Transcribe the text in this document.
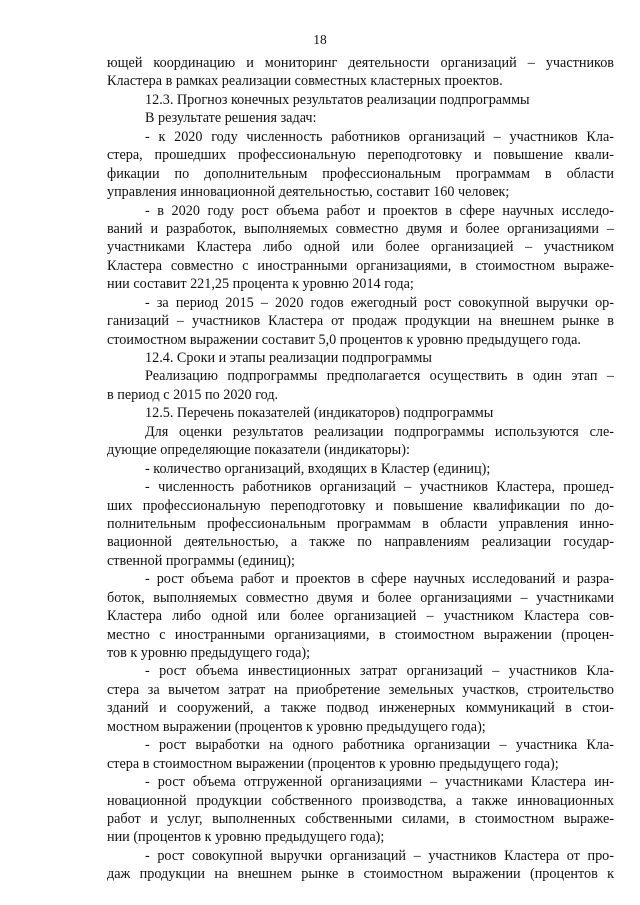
18
ющей координацию и мониторинг деятельности организаций – участников
Кластера в рамках реализации совместных кластерных проектов.
12.3. Прогноз конечных результатов реализации подпрограммы
В результате решения задач:
- к 2020 году численность работников организаций – участников Кла-
стера, прошедших профессиональную переподготовку и повышение квали-
фикации по дополнительным профессиональным программам в области
управления инновационной деятельностью, составит 160 человек;
- в 2020 году рост объема работ и проектов в сфере научных исследо-
ваний и разработок, выполняемых совместно двумя и более организациями –
участниками Кластера либо одной или более организацией – участником
Кластера совместно с иностранными организациями, в стоимостном выраже-
нии составит 221,25 процента к уровню 2014 года;
- за период 2015 – 2020 годов ежегодный рост совокупной выручки ор-
ганизаций – участников Кластера от продаж продукции на внешнем рынке в
стоимостном выражении составит 5,0 процентов к уровню предыдущего года.
12.4. Сроки и этапы реализации подпрограммы
Реализацию подпрограммы предполагается осуществить в один этап –
в период с 2015 по 2020 год.
12.5. Перечень показателей (индикаторов) подпрограммы
Для оценки результатов реализации подпрограммы используются сле-
дующие определяющие показатели (индикаторы):
- количество организаций, входящих в Кластер (единиц);
- численность работников организаций – участников Кластера, прошед-
ших профессиональную переподготовку и повышение квалификации по до-
полнительным профессиональным программам в области управления инно-
вационной деятельностью, а также по направлениям реализации государ-
ственной программы (единиц);
- рост объема работ и проектов в сфере научных исследований и разра-
боток, выполняемых совместно двумя и более организациями – участниками
Кластера либо одной или более организацией – участником Кластера сов-
местно с иностранными организациями, в стоимостном выражении (процен-
тов к уровню предыдущего года);
- рост объема инвестиционных затрат организаций – участников Кла-
стера за вычетом затрат на приобретение земельных участков, строительство
зданий и сооружений, а также подвод инженерных коммуникаций в стои-
мостном выражении (процентов к уровню предыдущего года);
- рост выработки на одного работника организации – участника Кла-
стера в стоимостном выражении (процентов к уровню предыдущего года);
- рост объема отгруженной организациями – участниками Кластера ин-
новационной продукции собственного производства, а также инновационных
работ и услуг, выполненных собственными силами, в стоимостном выраже-
нии (процентов к уровню предыдущего года);
- рост совокупной выручки организаций – участников Кластера от про-
даж продукции на внешнем рынке в стоимостном выражении (процентов к
